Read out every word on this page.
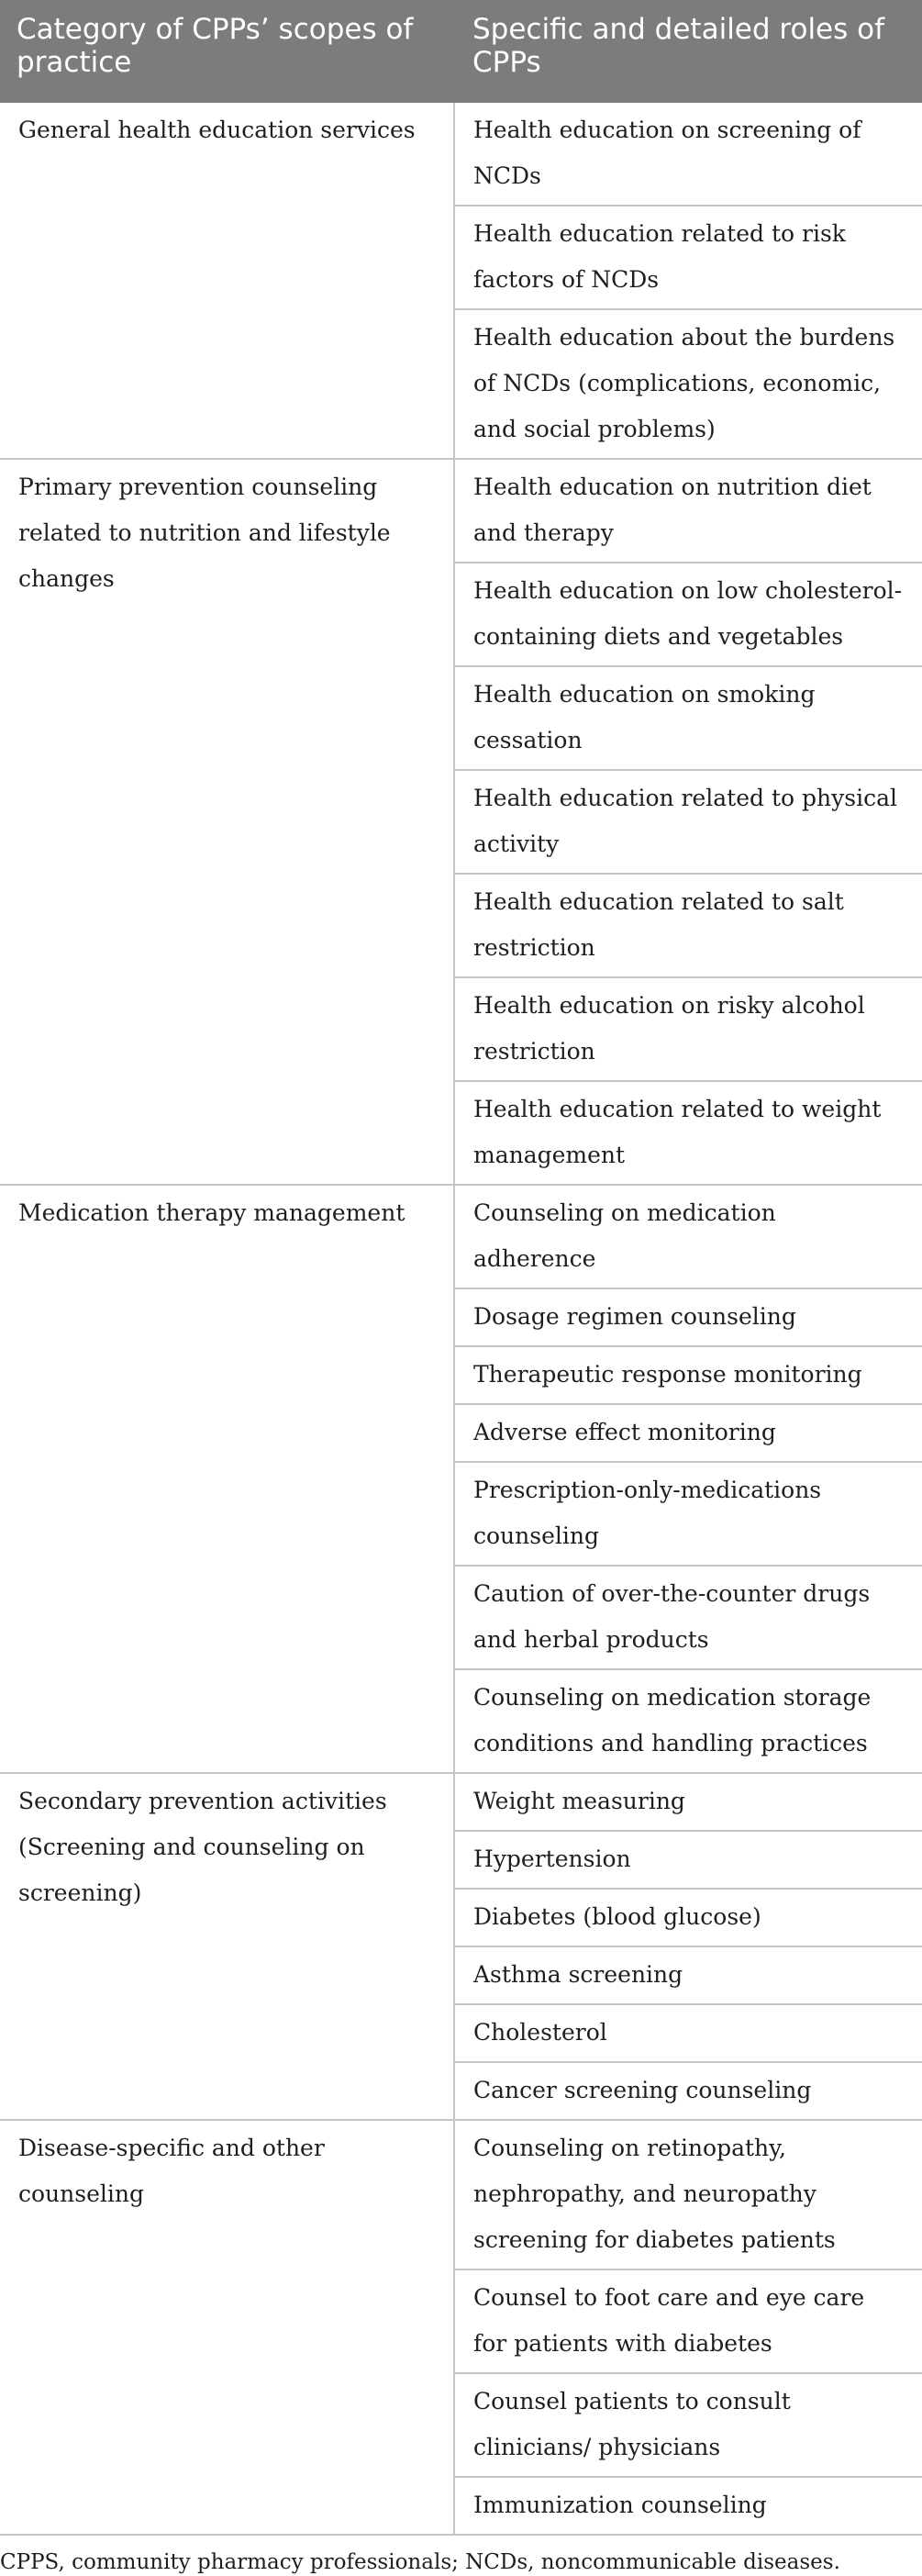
Category of CPPs’ scopes of practice	Specific and detailed roles of CPPs
General health education services	Health education on screening of NCDs
	Health education related to risk factors of NCDs
	Health education about the burdens of NCDs (complications, economic, and social problems)
Primary prevention counseling related to nutrition and lifestyle changes	Health education on nutrition diet and therapy
	Health education on low cholesterol-containing diets and vegetables
	Health education on smoking cessation
	Health education related to physical activity
	Health education related to salt restriction
	Health education on risky alcohol restriction
	Health education related to weight management
Medication therapy management	Counseling on medication adherence
	Dosage regimen counseling
	Therapeutic response monitoring
	Adverse effect monitoring
	Prescription-only-medications counseling
	Caution of over-the-counter drugs and herbal products
	Counseling on medication storage conditions and handling practices
Secondary prevention activities (Screening and counseling on screening)	Weight measuring
	Hypertension
	Diabetes (blood glucose)
	Asthma screening
	Cholesterol
	Cancer screening counseling
Disease-specific and other counseling	Counseling on retinopathy, nephropathy, and neuropathy screening for diabetes patients
	Counsel to foot care and eye care for patients with diabetes
	Counsel patients to consult clinicians/ physicians
	Immunization counseling
CPPS, community pharmacy professionals; NCDs, noncommunicable diseases.
